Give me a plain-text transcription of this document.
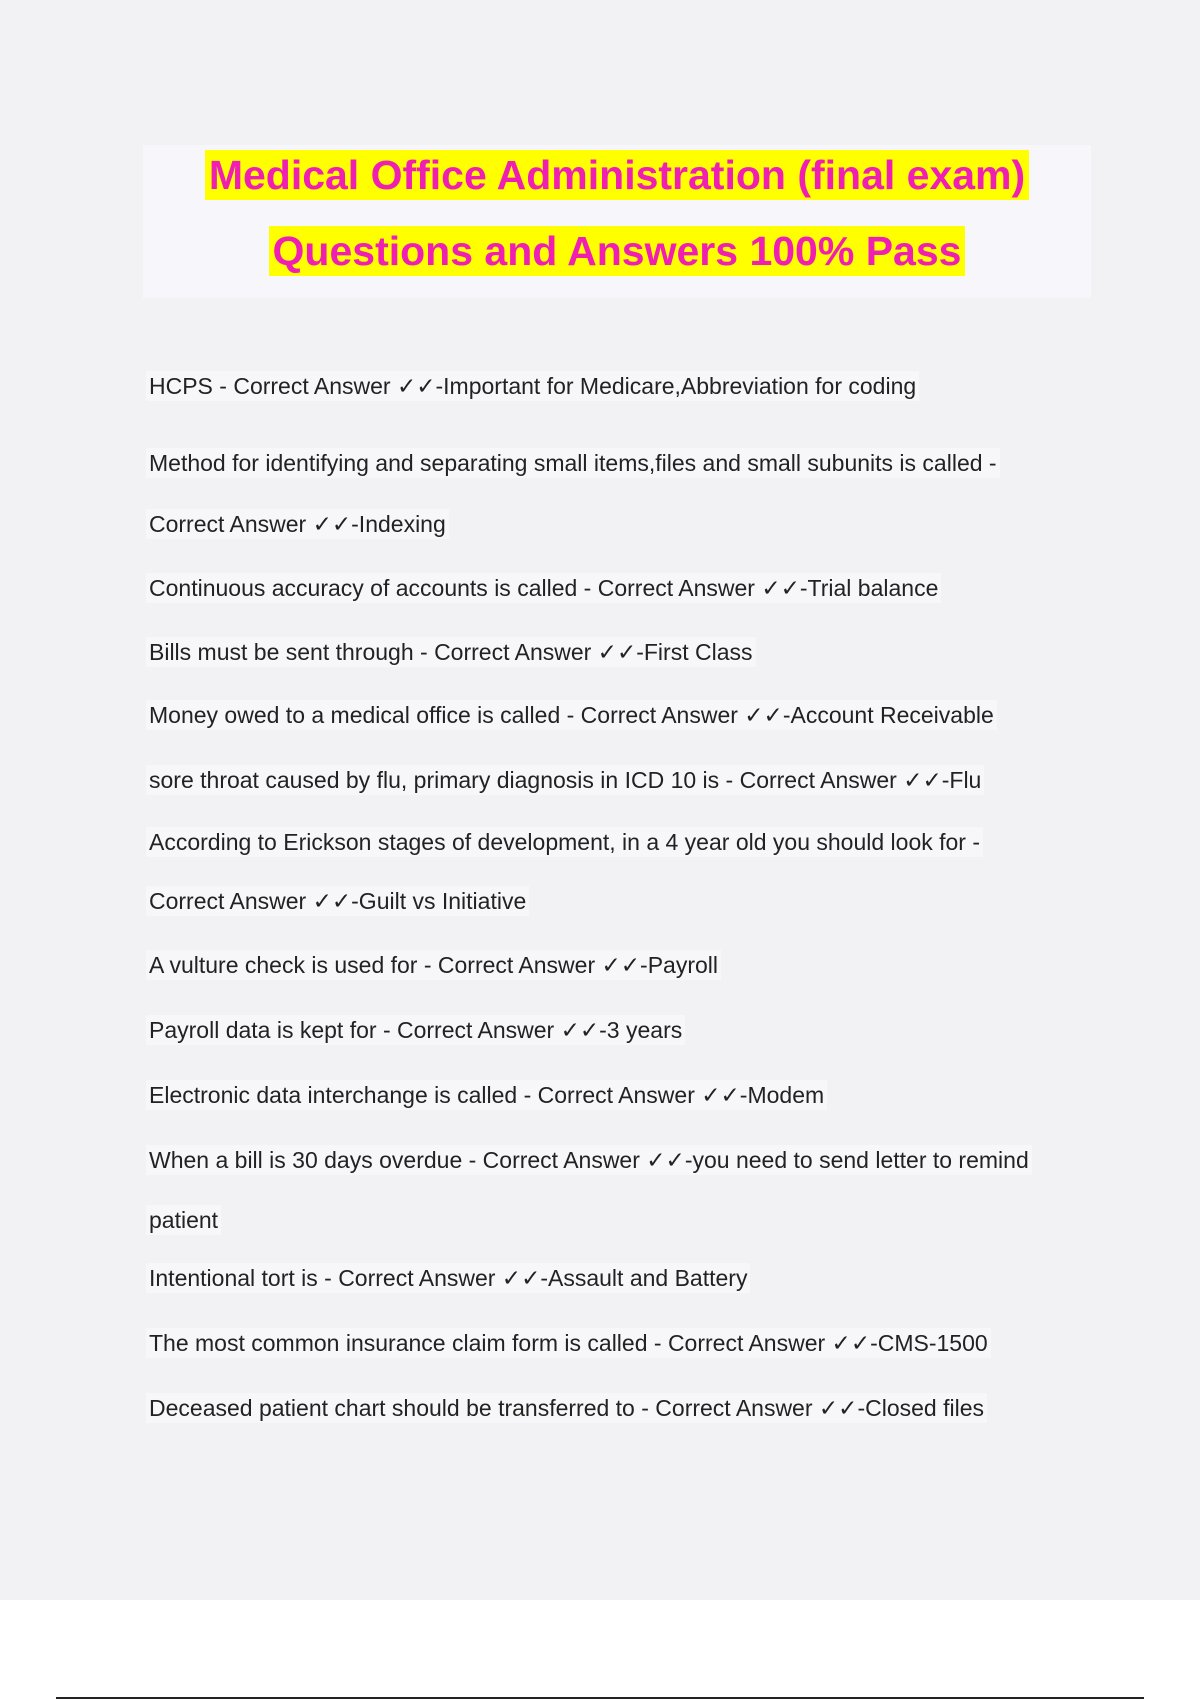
Medical Office Administration (final exam)
Questions and Answers 100% Pass
HCPS - Correct Answer ✓✓-Important for Medicare,Abbreviation for coding
Method for identifying and separating small items,files and small subunits is called -
Correct Answer ✓✓-Indexing
Continuous accuracy of accounts is called - Correct Answer ✓✓-Trial balance
Bills must be sent through - Correct Answer ✓✓-First Class
Money owed to a medical office is called - Correct Answer ✓✓-Account Receivable
sore throat caused by flu, primary diagnosis in ICD 10 is - Correct Answer ✓✓-Flu
According to Erickson stages of development, in a 4 year old you should look for -
Correct Answer ✓✓-Guilt vs Initiative
A vulture check is used for - Correct Answer ✓✓-Payroll
Payroll data is kept for - Correct Answer ✓✓-3 years
Electronic data interchange is called - Correct Answer ✓✓-Modem
When a bill is 30 days overdue - Correct Answer ✓✓-you need to send letter to remind
patient
Intentional tort is - Correct Answer ✓✓-Assault and Battery
The most common insurance claim form is called - Correct Answer ✓✓-CMS-1500
Deceased patient chart should be transferred to - Correct Answer ✓✓-Closed files
